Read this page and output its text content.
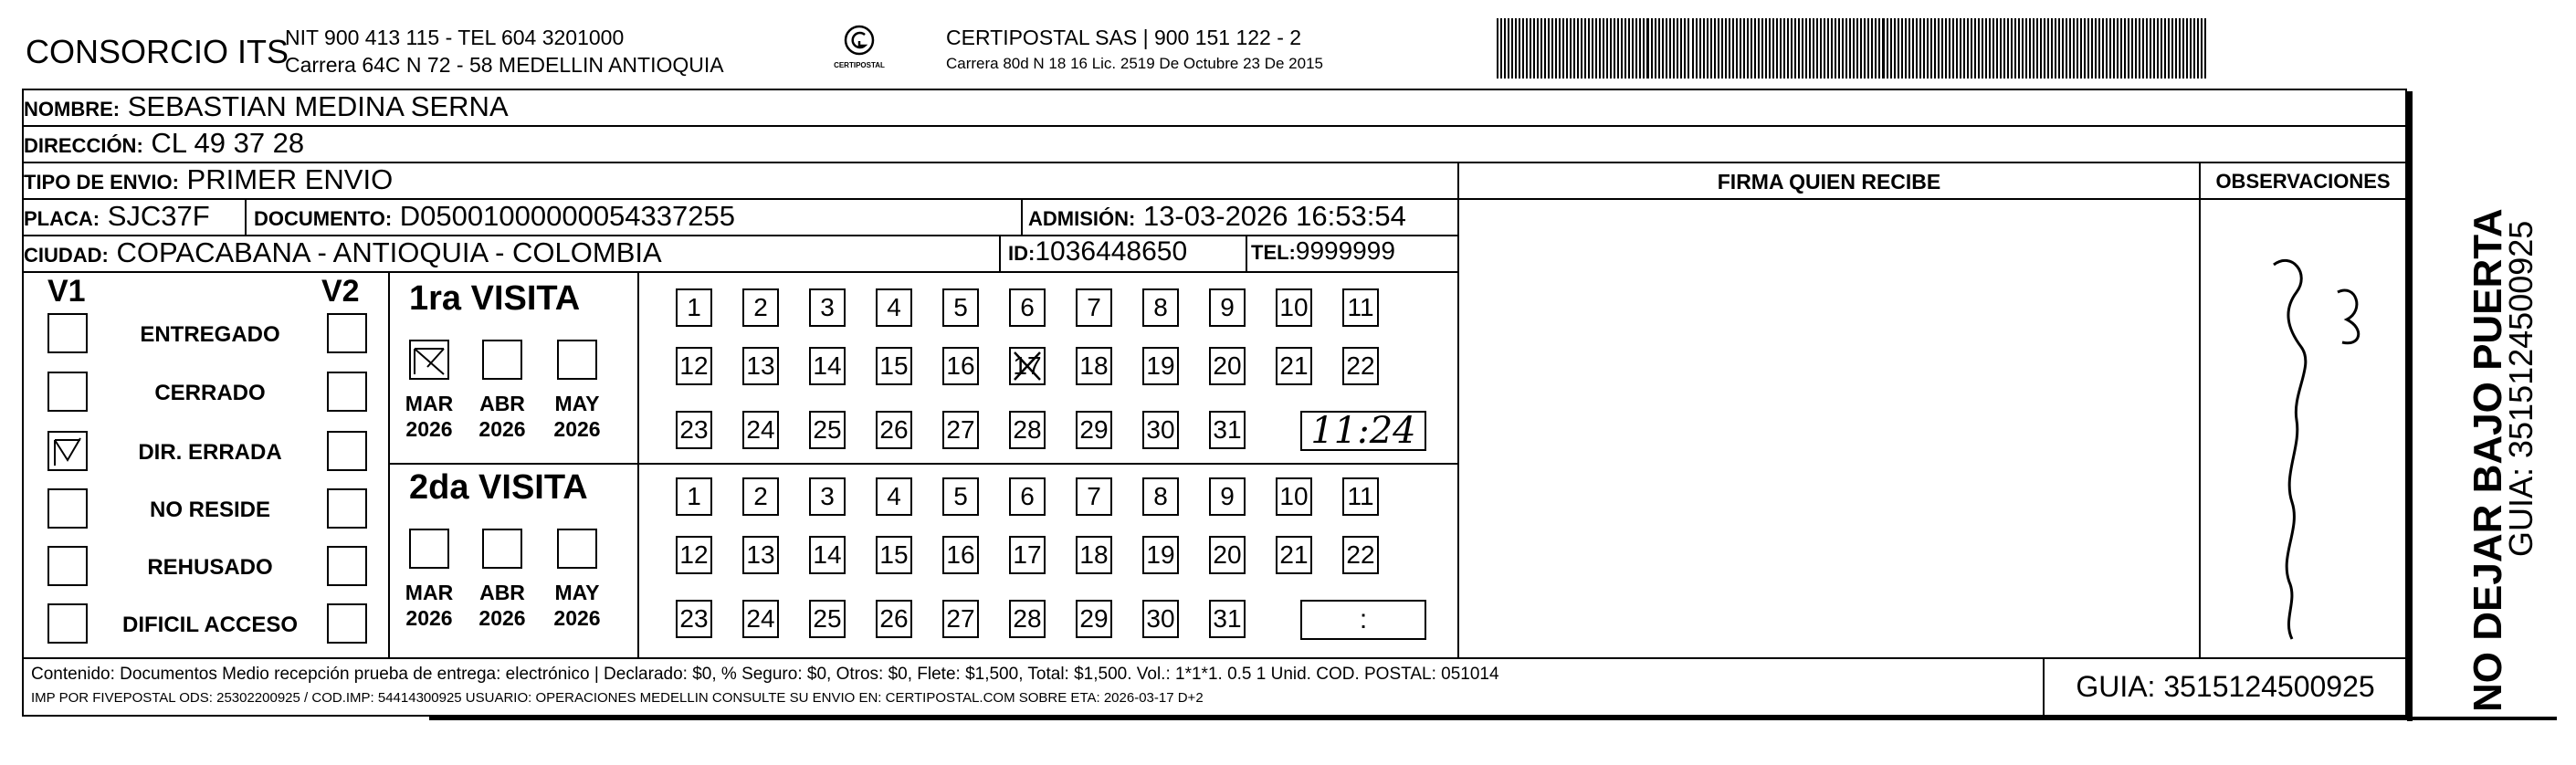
CONSORCIO ITS
NIT 900 413 115 - TEL 604 3201000
Carrera 64C N 72 - 58 MEDELLIN ANTIOQUIA	CERTIPOSTAL
CERTIPOSTAL SAS | 900 151 122 - 2
Carrera 80d N 18 16 Lic. 2519 De Octubre 23 De 2015
NOMBRE: SEBASTIAN MEDINA SERNA
DIRECCIÓN: CL 49 37 28
TIPO DE ENVIO: PRIMER ENVIO
PLACA: SJC37F	DOCUMENTO: D05001000000054337255	ADMISIÓN: 13-03-2026 16:53:54
CIUDAD: COPACABANA - ANTIOQUIA - COLOMBIA	ID:1036448650	TEL:9999999
FIRMA QUIEN RECIBE	OBSERVACIONES
V1	V2
ENTREGADO
CERRADO
DIR. ERRADA
NO RESIDE
REHUSADO
DIFICIL ACCESO
1ra VISITA
MAR
2026
ABR
2026
MAY
2026
1	2	3	4	5	6	7	8	9	10 11
12 13 14 15 16 17 18 19 20 21 22
23 24 25 26 27 28 29 30 31 11:24
2da VISITA
MAR
2026
ABR
2026
MAY
2026
1	2	3	4	5	6	7	8	9	10 11
12 13 14 15 16 17 18 19 20 21 22
23 24 25 26 27 28 29 30 31	:
Contenido: Documentos Medio recepción prueba de entrega: electrónico | Declarado: $0, % Seguro: $0, Otros: $0, Flete: $1,500, Total: $1,500. Vol.: 1*1*1. 0.5 1 Unid. COD. POSTAL: 051014
IMP POR FIVEPOSTAL ODS: 25302200925 / COD.IMP: 54414300925 USUARIO: OPERACIONES MEDELLIN CONSULTE SU ENVIO EN: CERTIPOSTAL.COM SOBRE ETA: 2026-03-17 D+2	GUIA: 3515124500925	NO DEJAR BAJO PUERTA
GUIA: 3515124500925
